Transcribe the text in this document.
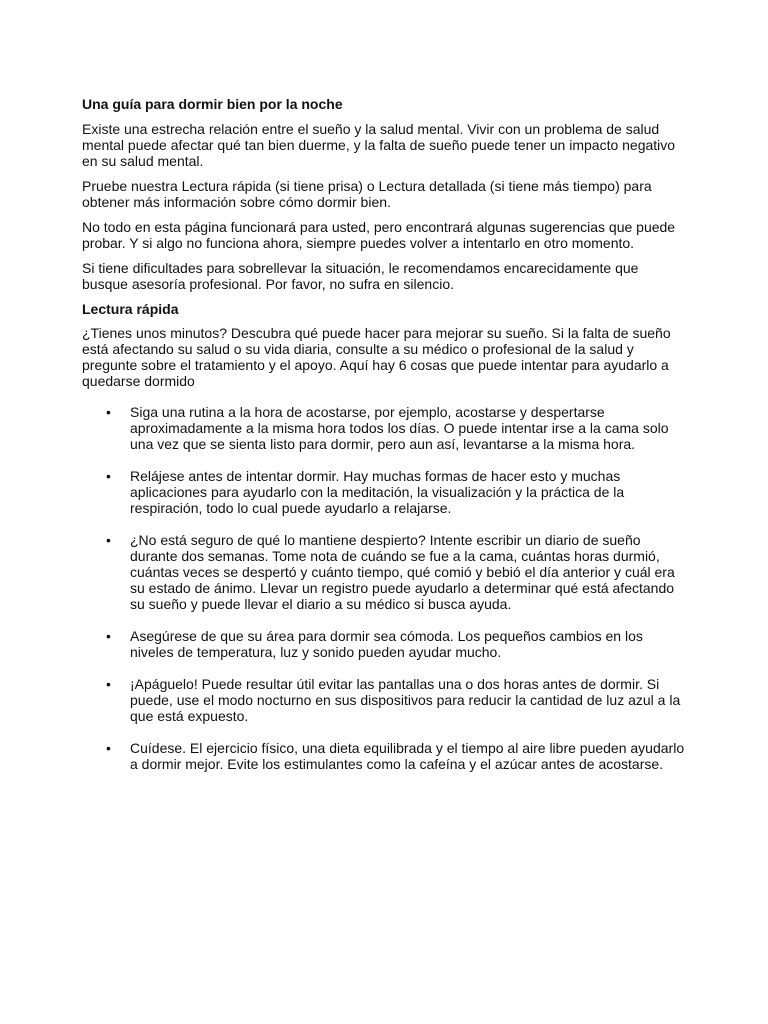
Una guía para dormir bien por la noche

Existe una estrecha relación entre el sueño y la salud mental. Vivir con un problema de salud mental puede afectar qué tan bien duerme, y la falta de sueño puede tener un impacto negativo en su salud mental.

Pruebe nuestra Lectura rápida (si tiene prisa) o Lectura detallada (si tiene más tiempo) para obtener más información sobre cómo dormir bien.

No todo en esta página funcionará para usted, pero encontrará algunas sugerencias que puede probar. Y si algo no funciona ahora, siempre puedes volver a intentarlo en otro momento.

Si tiene dificultades para sobrellevar la situación, le recomendamos encarecidamente que busque asesoría profesional. Por favor, no sufra en silencio.

Lectura rápida

¿Tienes unos minutos? Descubra qué puede hacer para mejorar su sueño. Si la falta de sueño está afectando su salud o su vida diaria, consulte a su médico o profesional de la salud y pregunte sobre el tratamiento y el apoyo. Aquí hay 6 cosas que puede intentar para ayudarlo a quedarse dormido

• Siga una rutina a la hora de acostarse, por ejemplo, acostarse y despertarse aproximadamente a la misma hora todos los días. O puede intentar irse a la cama solo una vez que se sienta listo para dormir, pero aun así, levantarse a la misma hora.
• Relájese antes de intentar dormir. Hay muchas formas de hacer esto y muchas aplicaciones para ayudarlo con la meditación, la visualización y la práctica de la respiración, todo lo cual puede ayudarlo a relajarse.
• ¿No está seguro de qué lo mantiene despierto? Intente escribir un diario de sueño durante dos semanas. Tome nota de cuándo se fue a la cama, cuántas horas durmió, cuántas veces se despertó y cuánto tiempo, qué comió y bebió el día anterior y cuál era su estado de ánimo. Llevar un registro puede ayudarlo a determinar qué está afectando su sueño y puede llevar el diario a su médico si busca ayuda.
• Asegúrese de que su área para dormir sea cómoda. Los pequeños cambios en los niveles de temperatura, luz y sonido pueden ayudar mucho.
• ¡Apáguelo! Puede resultar útil evitar las pantallas una o dos horas antes de dormir. Si puede, use el modo nocturno en sus dispositivos para reducir la cantidad de luz azul a la que está expuesto.
• Cuídese. El ejercicio físico, una dieta equilibrada y el tiempo al aire libre pueden ayudarlo a dormir mejor. Evite los estimulantes como la cafeína y el azúcar antes de acostarse.
